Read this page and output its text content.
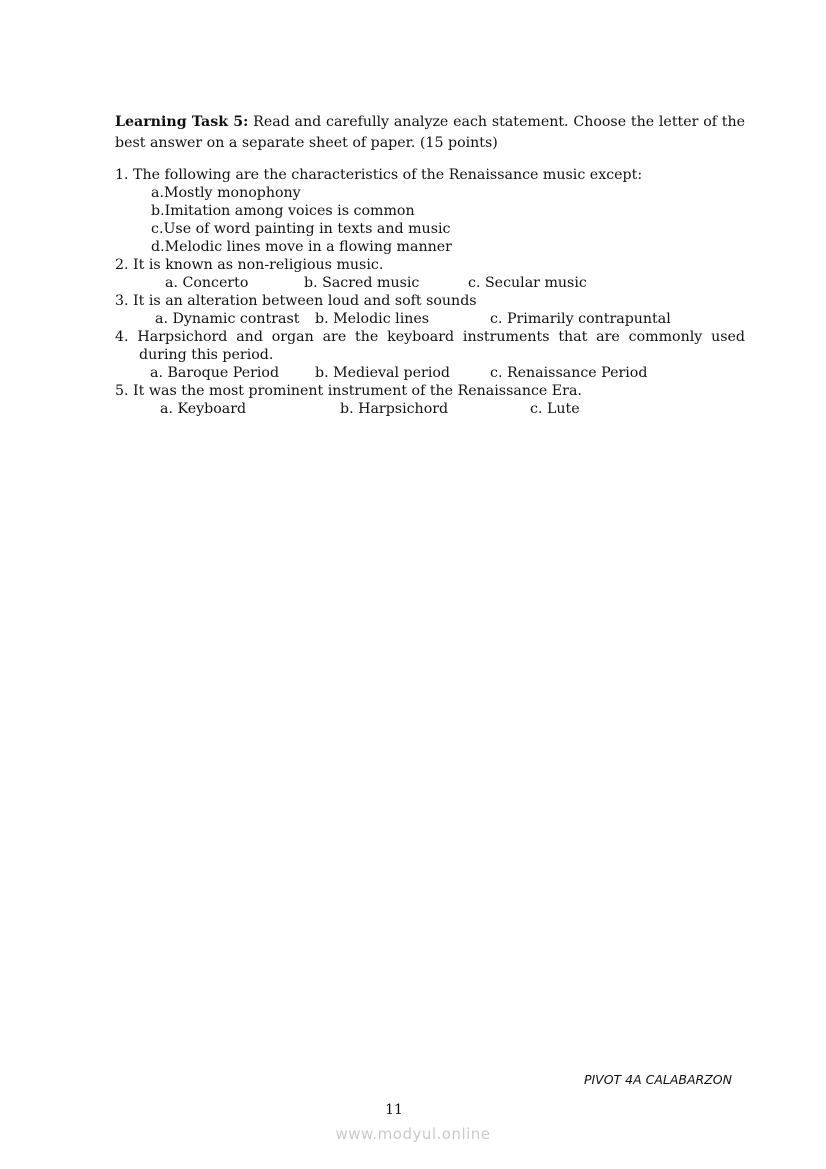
Learning Task 5: Read and carefully analyze each statement. Choose the letter of the best answer on a separate sheet of paper. (15 points)
1. The following are the characteristics of the Renaissance music except:
a.Mostly monophony
b.Imitation among voices is common
c.Use of word painting in texts and music
d.Melodic lines move in a flowing manner
2. It is known as non-religious music.
a. Concerto	b. Sacred music	c. Secular music
3. It is an alteration between loud and soft sounds
a. Dynamic contrast b. Melodic lines	c. Primarily contrapuntal
4. Harpsichord and organ are the keyboard instruments that are commonly used
during this period.
a. Baroque Period	b. Medieval period	c. Renaissance Period
5. It was the most prominent instrument of the Renaissance Era.
a. Keyboard	b. Harpsichord	c. Lute
PIVOT 4A CALABARZON
11
www.modyul.online
